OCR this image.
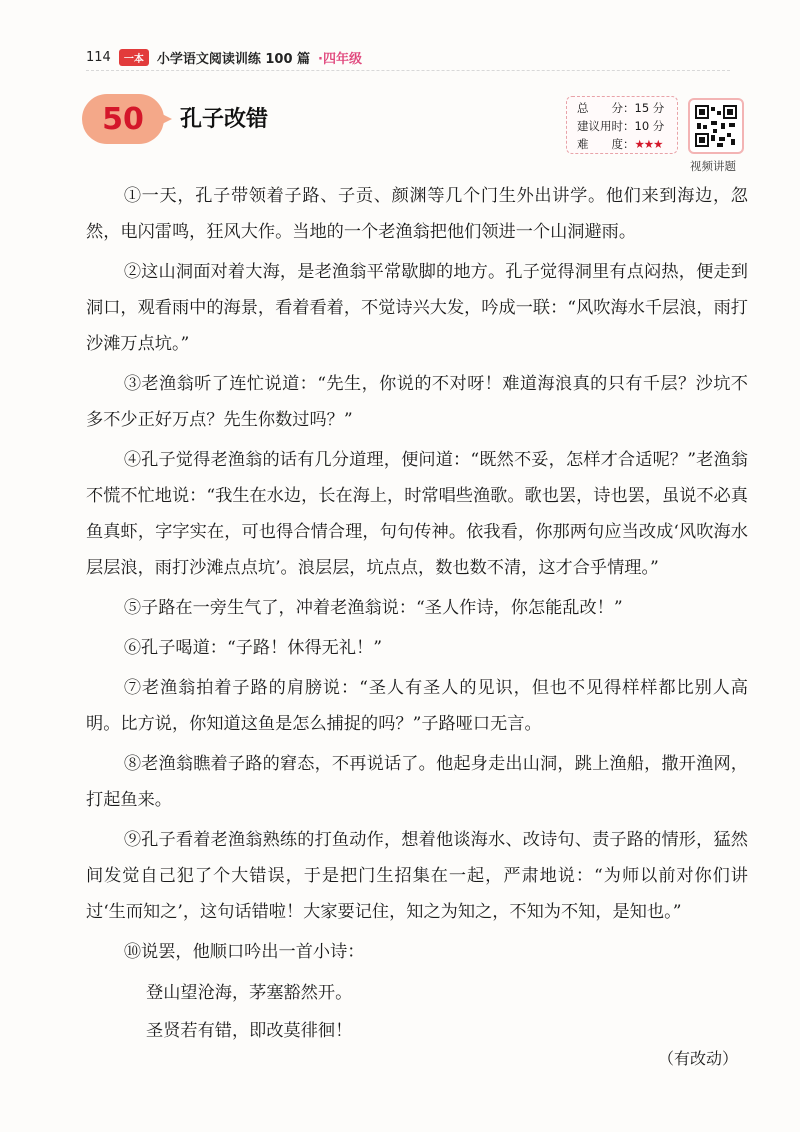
114	一本	小学语文阅读训练 100 篇 ·四年级
50	孔子改错	总　　分：15 分
建议用时：10 分
难　　度：★★★
视频讲题

①一天，孔子带领着子路、子贡、颜渊等几个门生外出讲学。他们来到海边，忽然，电闪雷鸣，狂风大作。当地的一个老渔翁把他们领进一个山洞避雨。

②这山洞面对着大海，是老渔翁平常歇脚的地方。孔子觉得洞里有点闷热，便走到洞口，观看雨中的海景，看着看着，不觉诗兴大发，吟成一联：“风吹海水千层浪，雨打沙滩万点坑。”

③老渔翁听了连忙说道：“先生，你说的不对呀！难道海浪真的只有千层？沙坑不多不少正好万点？先生你数过吗？”

④孔子觉得老渔翁的话有几分道理，便问道：“既然不妥，怎样才合适呢？”老渔翁不慌不忙地说：“我生在水边，长在海上，时常唱些渔歌。歌也罢，诗也罢，虽说不必真鱼真虾，字字实在，可也得合情合理，句句传神。依我看，你那两句应当改成‘风吹海水层层浪，雨打沙滩点点坑’。浪层层，坑点点，数也数不清，这才合乎情理。”

⑤子路在一旁生气了，冲着老渔翁说：“圣人作诗，你怎能乱改！”

⑥孔子喝道：“子路！休得无礼！”

⑦老渔翁拍着子路的肩膀说：“圣人有圣人的见识，但也不见得样样都比别人高明。比方说，你知道这鱼是怎么捕捉的吗？”子路哑口无言。

⑧老渔翁瞧着子路的窘态，不再说话了。他起身走出山洞，跳上渔船，撒开渔网，打起鱼来。

⑨孔子看着老渔翁熟练的打鱼动作，想着他谈海水、改诗句、责子路的情形，猛然间发觉自己犯了个大错误，于是把门生招集在一起，严肃地说：“为师以前对你们讲过‘生而知之’，这句话错啦！大家要记住，知之为知之，不知为不知，是知也。”

⑩说罢，他顺口吟出一首小诗：

登山望沧海，茅塞豁然开。

圣贤若有错，即改莫徘徊！

（有改动）
